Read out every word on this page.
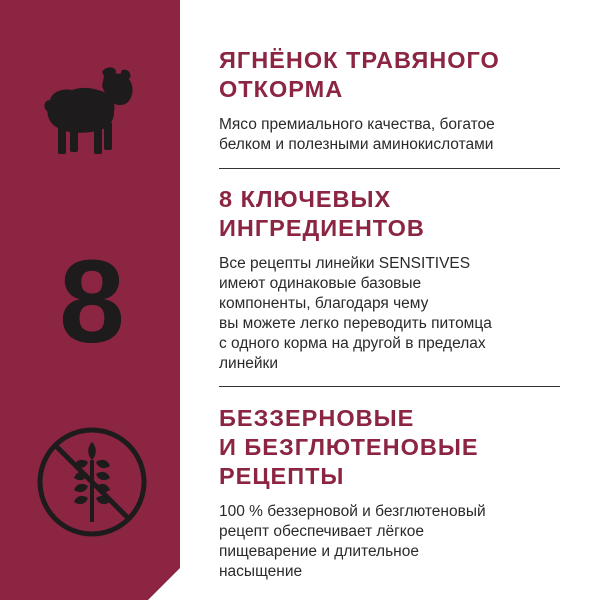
8
ЯГНЁНОК ТРАВЯНОГО
ОТКОРМА

Мясо премиального качества, богатое
белком и полезными аминокислотами

8 КЛЮЧЕВЫХ
ИНГРЕДИЕНТОВ

Все рецепты линейки SENSITIVES
имеют одинаковые базовые
компоненты, благодаря чему
вы можете легко переводить питомца
с одного корма на другой в пределах
линейки

БЕЗЗЕРНОВЫЕ
И БЕЗГЛЮТЕНОВЫЕ
РЕЦЕПТЫ

100 % беззерновой и безглютеновый
рецепт обеспечивает лёгкое
пищеварение и длительное
насыщение
